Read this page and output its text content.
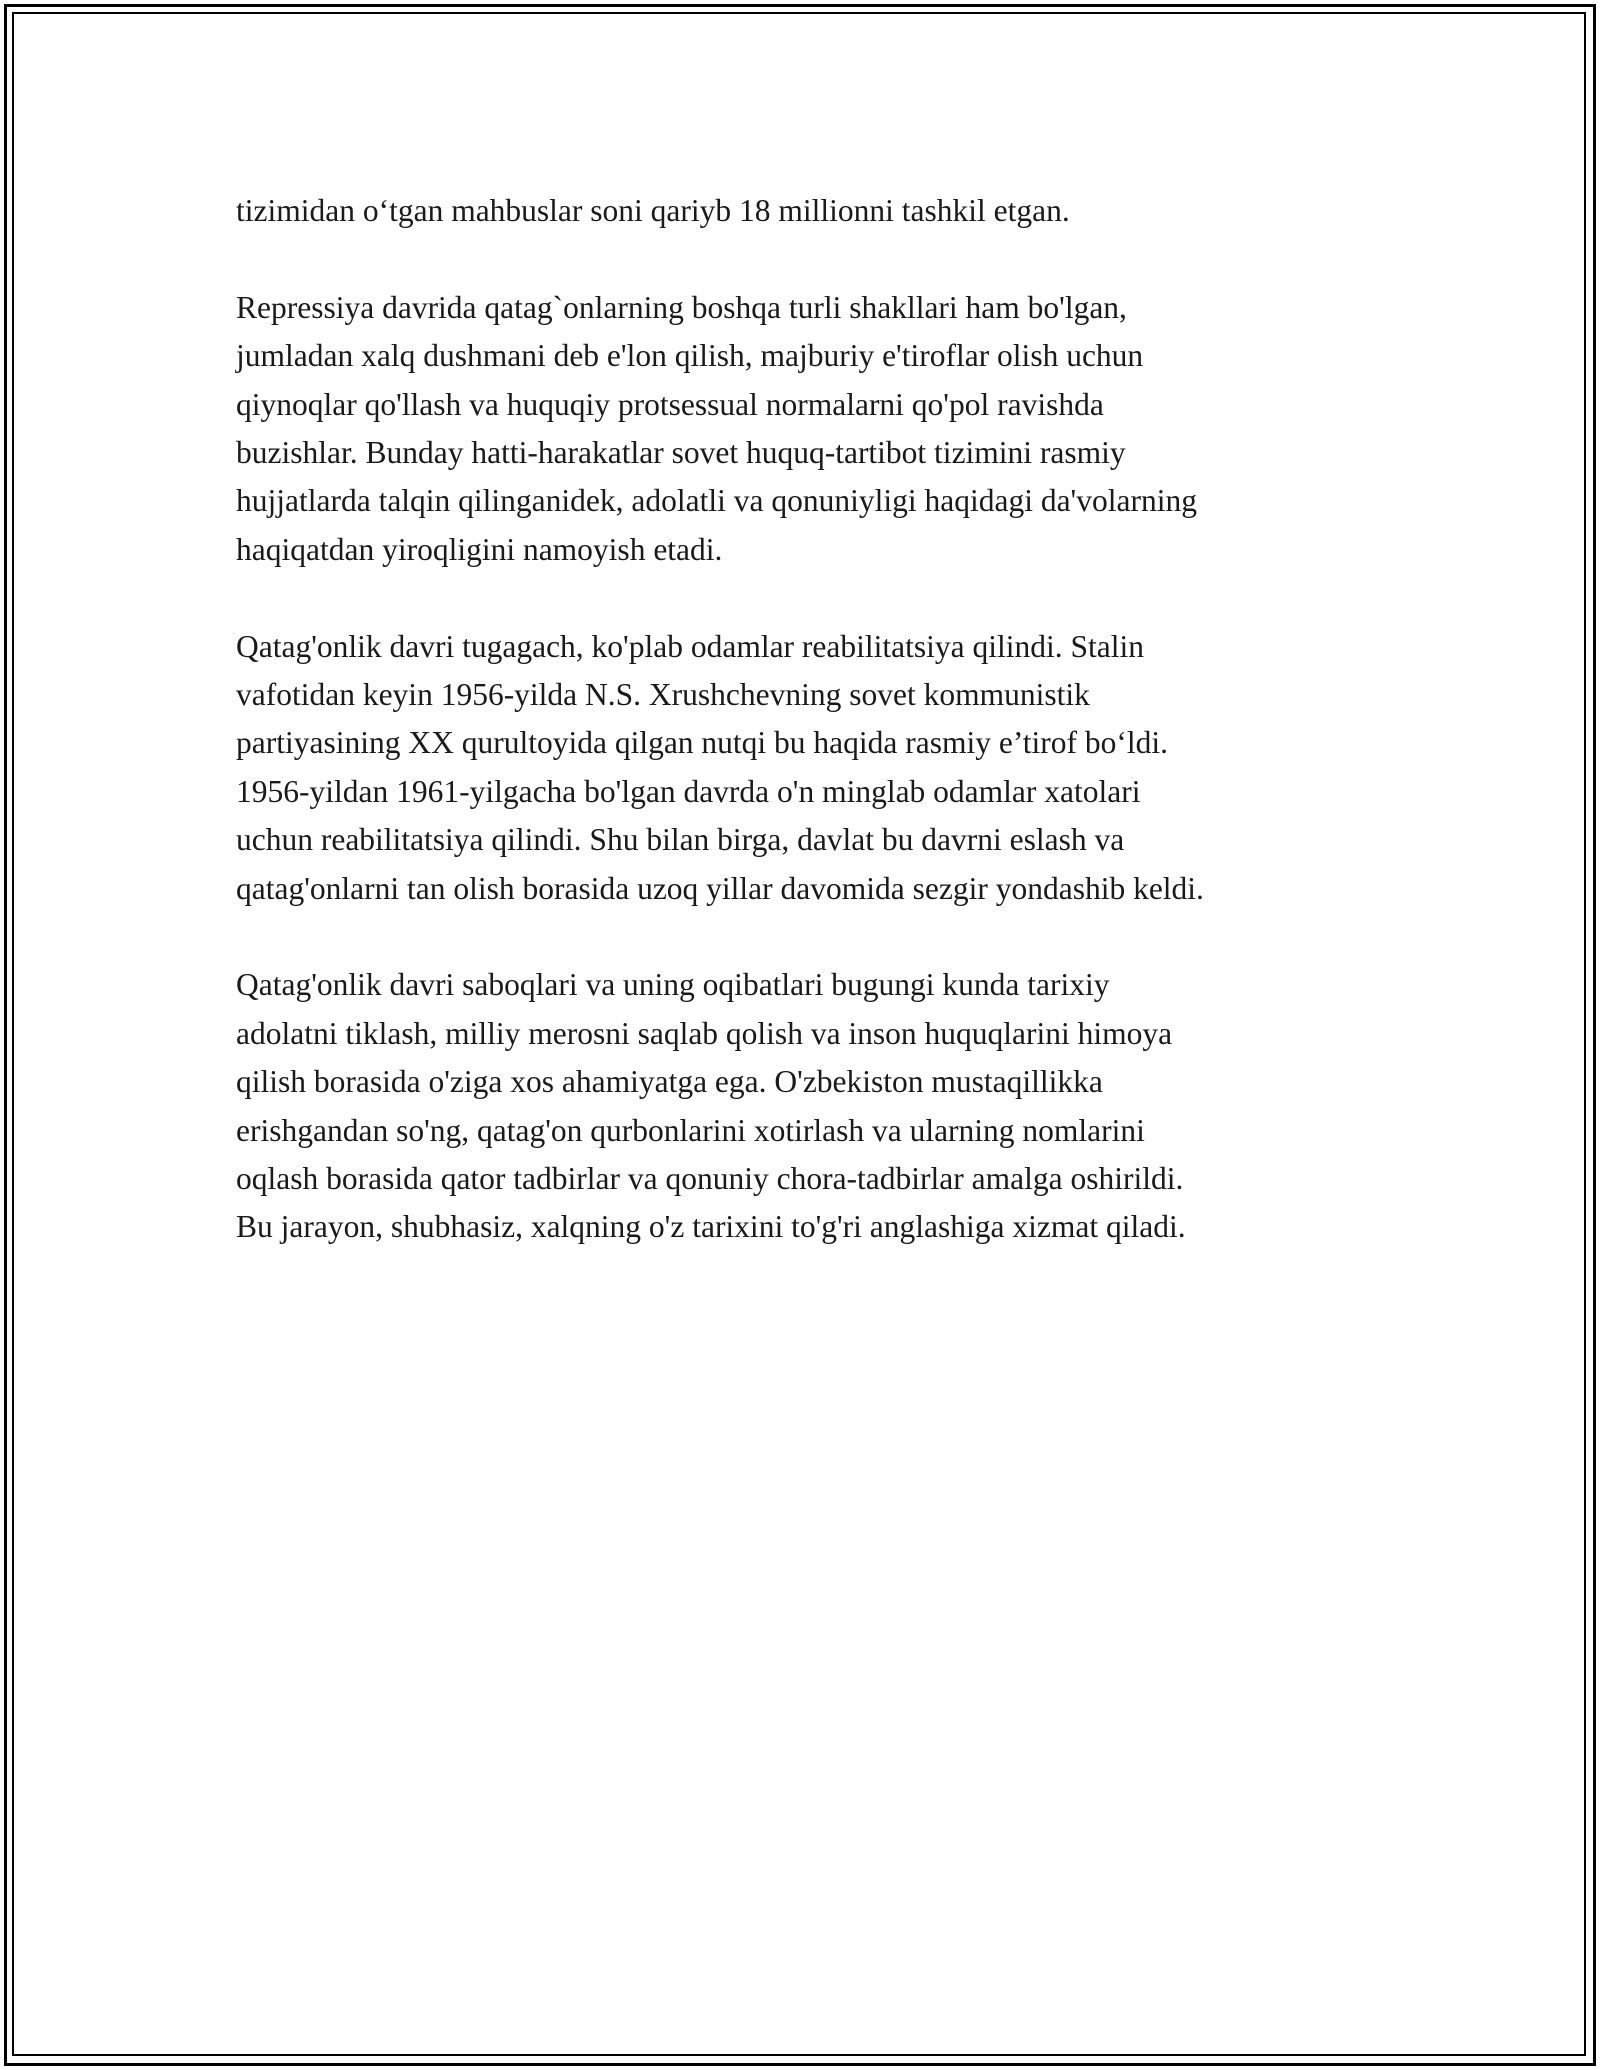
tizimidan o‘tgan mahbuslar soni qariyb 18 millionni tashkil etgan.

Repressiya davrida qatag`onlarning boshqa turli shakllari ham bo'lgan,
jumladan xalq dushmani deb e'lon qilish, majburiy e'tiroflar olish uchun
qiynoqlar qo'llash va huquqiy protsessual normalarni qo'pol ravishda
buzishlar. Bunday hatti-harakatlar sovet huquq-tartibot tizimini rasmiy
hujjatlarda talqin qilinganidek, adolatli va qonuniyligi haqidagi da'volarning
haqiqatdan yiroqligini namoyish etadi.

Qatag'onlik davri tugagach, ko'plab odamlar reabilitatsiya qilindi. Stalin
vafotidan keyin 1956-yilda N.S. Xrushchevning sovet kommunistik
partiyasining XX qurultoyida qilgan nutqi bu haqida rasmiy e’tirof bo‘ldi.
1956-yildan 1961-yilgacha bo'lgan davrda o'n minglab odamlar xatolari
uchun reabilitatsiya qilindi. Shu bilan birga, davlat bu davrni eslash va
qatag'onlarni tan olish borasida uzoq yillar davomida sezgir yondashib keldi.

Qatag'onlik davri saboqlari va uning oqibatlari bugungi kunda tarixiy
adolatni tiklash, milliy merosni saqlab qolish va inson huquqlarini himoya
qilish borasida o'ziga xos ahamiyatga ega. O'zbekiston mustaqillikka
erishgandan so'ng, qatag'on qurbonlarini xotirlash va ularning nomlarini
oqlash borasida qator tadbirlar va qonuniy chora-tadbirlar amalga oshirildi.
Bu jarayon, shubhasiz, xalqning o'z tarixini to'g'ri anglashiga xizmat qiladi.
